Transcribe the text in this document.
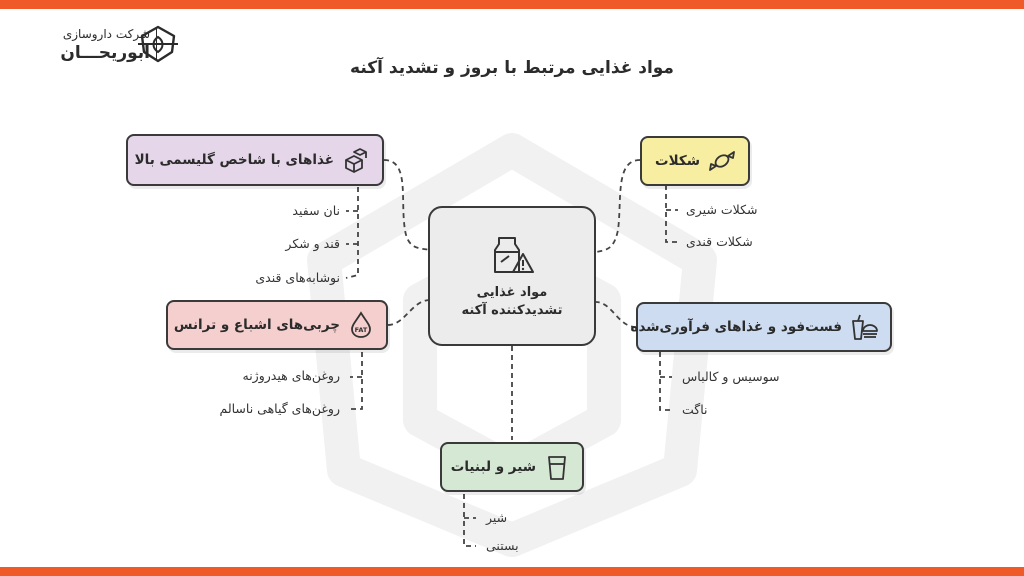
شرکت داروسازی
ابوریحـــان
مواد غذایی مرتبط با بروز و تشدید آکنه
مواد غذایی تشدیدکننده آکنه
غذاهای با شاخص گلیسمی بالا
نان سفید
قند و شکر
نوشابه‌های قندی
شکلات
شکلات شیری
شکلات قندی
چربی‌های اشباع و ترانس FAT
روغن‌های هیدروژنه
روغن‌های گیاهی ناسالم
فست‌فود و غذاهای فرآوری‌شده
سوسیس و کالباس
ناگت
شیر و لبنیات
شیر
بستنی
